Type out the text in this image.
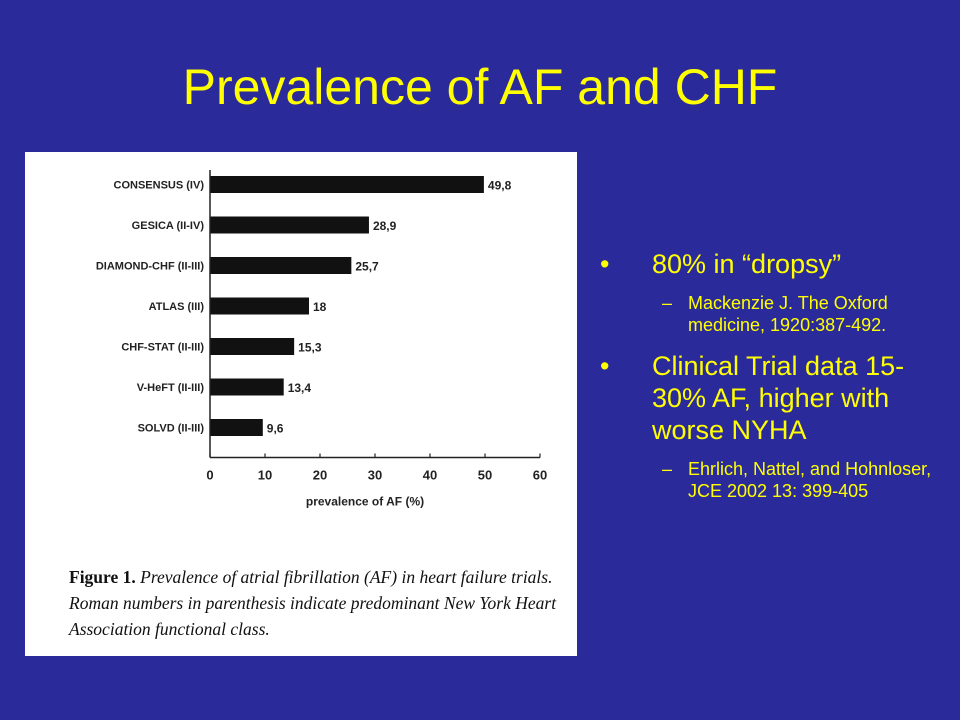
Prevalence of AF and CHF
CONSENSUS (IV)	49,8
GESICA (II-IV)	28,9
DIAMOND-CHF (II-III)	25,7
ATLAS (III)	18
CHF-STAT (II-III)	15,3
V-HeFT (II-III)	13,4
SOLVD (II-III)	9,6
0	10	20	30	40	50	60
prevalence of AF (%)
Figure 1. Prevalence of atrial fibrillation (AF) in heart failure trials. Roman numbers in parenthesis indicate predominant New York Heart Association functional class.
• 80% in “dropsy”
– Mackenzie J. The Oxford medicine, 1920:387-492.
• Clinical Trial data 15-30% AF, higher with worse NYHA
– Ehrlich, Nattel, and Hohnloser, JCE 2002 13: 399-405
